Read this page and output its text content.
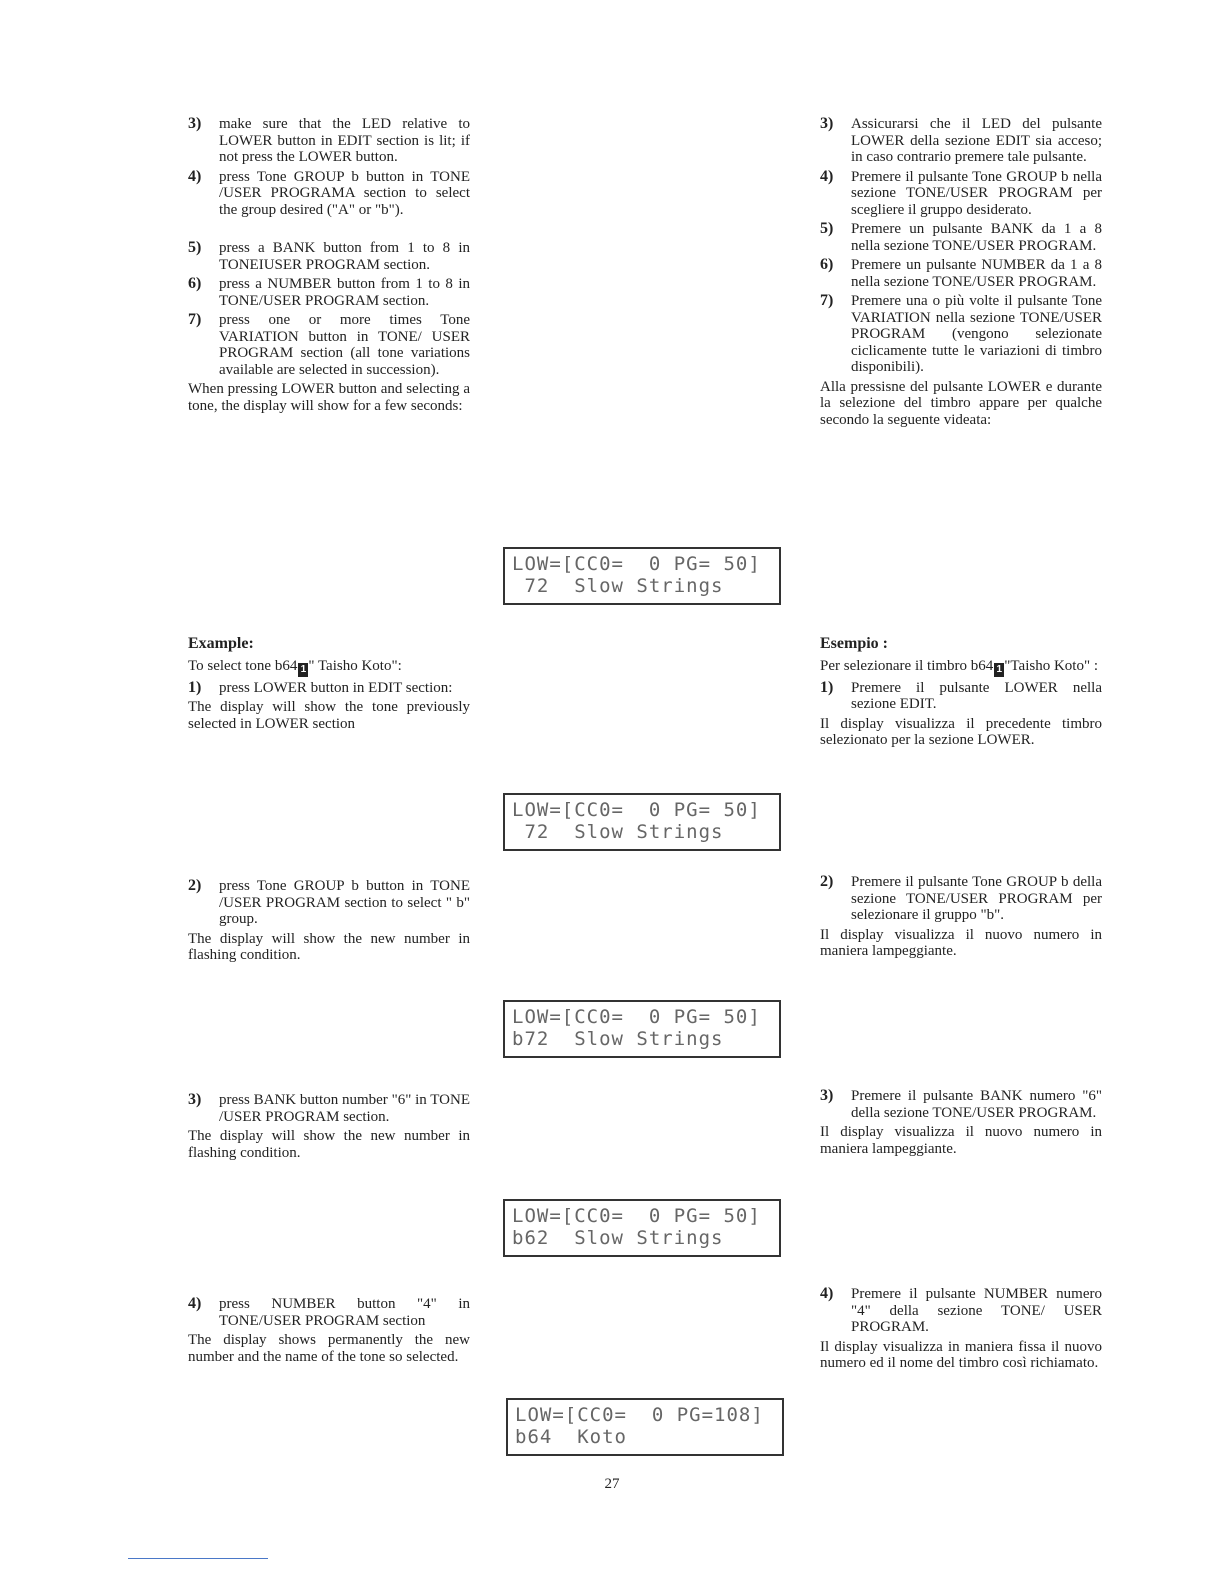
3) make sure that the LED relative to LOWER button in EDIT section is lit; if not press the LOWER button.
4) press Tone GROUP b button in TONE /USER PROGRAMA section to select the group desired ("A" or "b").
5) press a BANK button from 1 to 8 in TONEIUSER PROGRAM section.
6) press a NUMBER button from 1 to 8 in TONE/USER PROGRAM section.
7) press one or more times Tone VARIATION button in TONE/ USER PROGRAM section (all tone variations available are selected in succession).
When pressing LOWER button and selecting a tone, the display will show for a few seconds:
Example:
To select tone b64 1 " Taisho Koto":
1) press LOWER button in EDIT section:
The display will show the tone previously selected in LOWER section
2) press Tone GROUP b button in TONE /USER PROGRAM section to select " b" group.
The display will show the new number in flashing condition.
3) press BANK button number "6" in TONE /USER PROGRAM section.
The display will show the new number in flashing condition.
4) press NUMBER button "4" in TONE/USER PROGRAM section
The display shows permanently the new number and the name of the tone so selected.
3) Assicurarsi che il LED del pulsante LOWER della sezione EDIT sia acceso; in caso contrario premere tale pulsante.
4) Premere il pulsante Tone GROUP b nella sezione TONE/USER PROGRAM per scegliere il gruppo desiderato.
5) Premere un pulsante BANK da 1 a 8 nella sezione TONE/USER PROGRAM.
6) Premere un pulsante NUMBER da 1 a 8 nella sezione TONE/USER PROGRAM.
7) Premere una o più volte il pulsante Tone VARIATION nella sezione TONE/USER PROGRAM (vengono selezionate ciclicamente tutte le variazioni di timbro disponibili).
Alla pressisne del pulsante LOWER e durante la selezione del timbro appare per qualche secondo la seguente videata:
Esempio :
Per selezionare il timbro b64 1 "Taisho Koto" :
1) Premere il pulsante LOWER nella sezione EDIT.
Il display visualizza il precedente timbro selezionato per la sezione LOWER.
2) Premere il pulsante Tone GROUP b della sezione TONE/USER PROGRAM per selezionare il gruppo "b".
Il display visualizza il nuovo numero in maniera lampeggiante.
3) Premere il pulsante BANK numero "6" della sezione TONE/USER PROGRAM.
Il display visualizza il nuovo numero in maniera lampeggiante.
4) Premere il pulsante NUMBER numero "4" della sezione TONE/ USER PROGRAM.
Il display visualizza in maniera fissa il nuovo numero ed il nome del timbro così richiamato.
LOW=[CC0=  0 PG= 50]
72  Slow Strings
LOW=[CC0=  0 PG= 50]
72  Slow Strings
LOW=[CC0=  0 PG= 50]
b72  Slow Strings
LOW=[CC0=  0 PG= 50]
b62  Slow Strings
LOW=[CC0=  0 PG=108]
b64  Koto
27
